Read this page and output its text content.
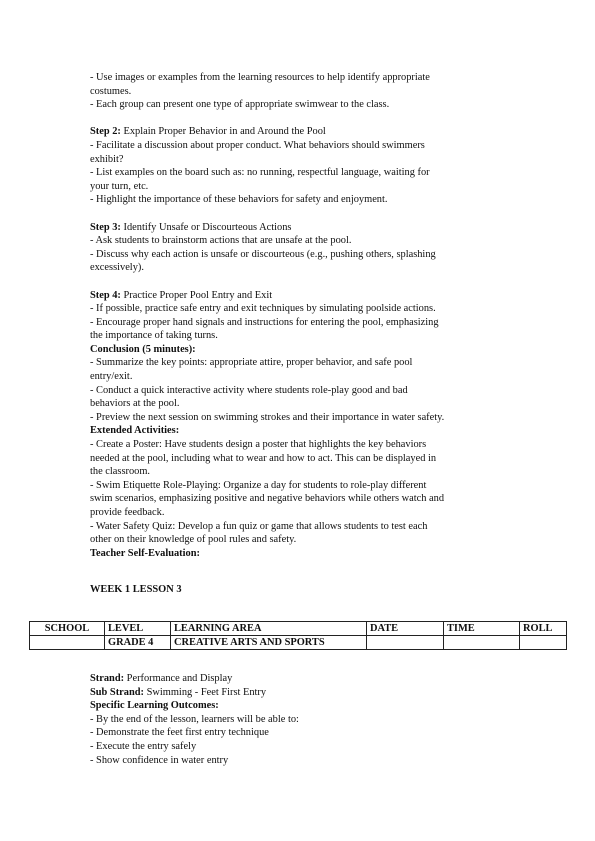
- Use images or examples from the learning resources to help identify appropriate
costumes.
- Each group can present one type of appropriate swimwear to the class.
Step 2: Explain Proper Behavior in and Around the Pool
- Facilitate a discussion about proper conduct. What behaviors should swimmers
exhibit?
- List examples on the board such as: no running, respectful language, waiting for
your turn, etc.
- Highlight the importance of these behaviors for safety and enjoyment.
Step 3: Identify Unsafe or Discourteous Actions
- Ask students to brainstorm actions that are unsafe at the pool.
- Discuss why each action is unsafe or discourteous (e.g., pushing others, splashing
excessively).
Step 4: Practice Proper Pool Entry and Exit
- If possible, practice safe entry and exit techniques by simulating poolside actions.
- Encourage proper hand signals and instructions for entering the pool, emphasizing
the importance of taking turns.
Conclusion (5 minutes):
- Summarize the key points: appropriate attire, proper behavior, and safe pool
entry/exit.
- Conduct a quick interactive activity where students role-play good and bad
behaviors at the pool.
- Preview the next session on swimming strokes and their importance in water safety.
Extended Activities:
- Create a Poster: Have students design a poster that highlights the key behaviors
needed at the pool, including what to wear and how to act. This can be displayed in
the classroom.
- Swim Etiquette Role-Playing: Organize a day for students to role-play different
swim scenarios, emphasizing positive and negative behaviors while others watch and
provide feedback.
- Water Safety Quiz: Develop a fun quiz or game that allows students to test each
other on their knowledge of pool rules and safety.
Teacher Self-Evaluation:
WEEK 1 LESSON 3
SCHOOL	LEVEL	LEARNING AREA	DATE	TIME	ROLL
	GRADE 4	CREATIVE ARTS AND SPORTS			
Strand: Performance and Display
Sub Strand: Swimming - Feet First Entry
Specific Learning Outcomes:
- By the end of the lesson, learners will be able to:
- Demonstrate the feet first entry technique
- Execute the entry safely
- Show confidence in water entry
